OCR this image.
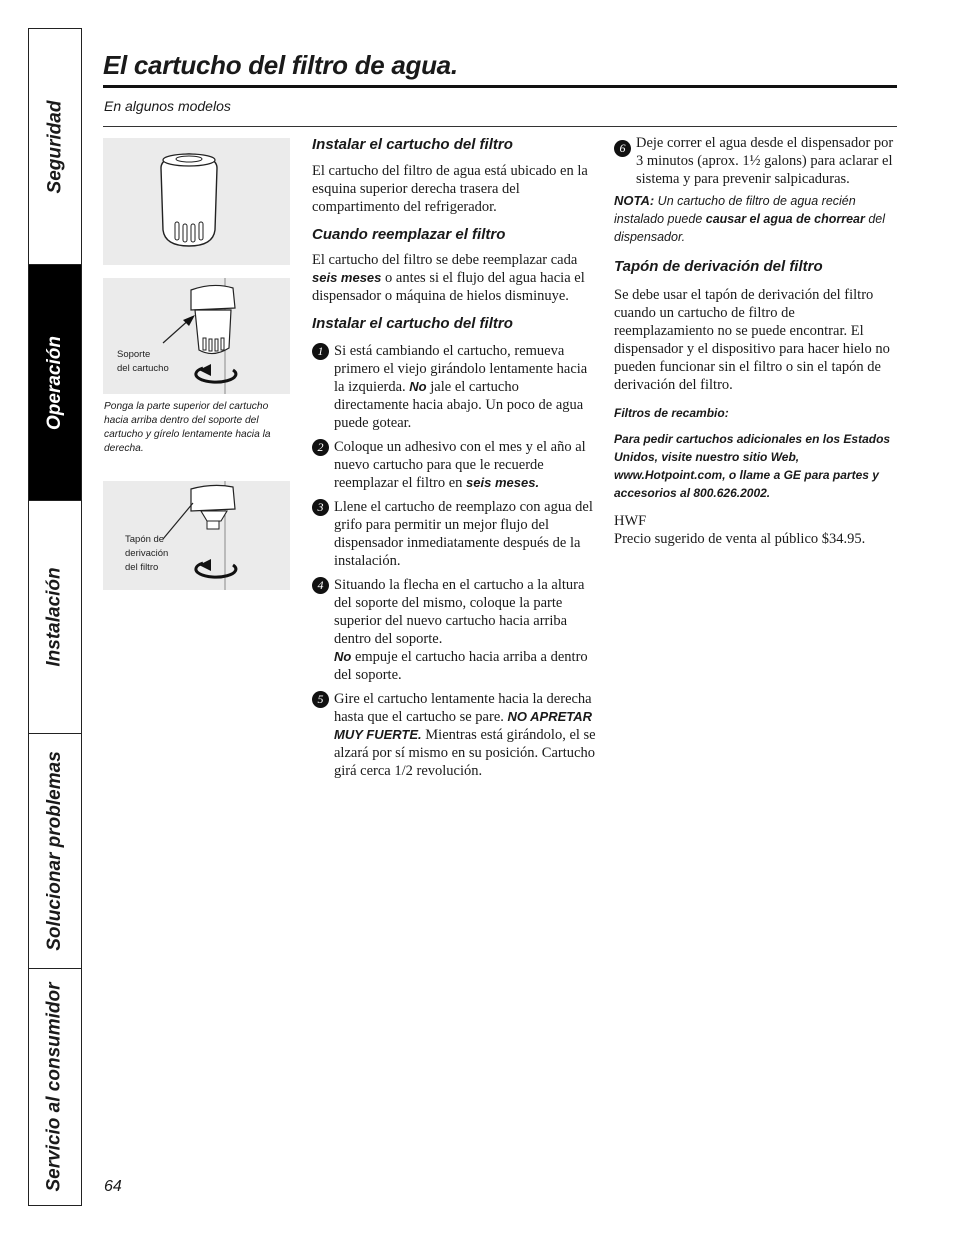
Seguridad
Operación
Instalación
Solucionar problemas
Servicio al consumidor
El cartucho del filtro de agua.
En algunos modelos
Soporte
del cartucho
Ponga la parte superior del cartucho hacia arriba dentro del soporte del cartucho y gírelo lentamente hacia la derecha.
Tapón de
derivación
del filtro
Instalar el cartucho del filtro

El cartucho del filtro de agua está ubicado en la esquina superior derecha trasera del compartimento del refrigerador.

Cuando reemplazar el filtro

El cartucho del filtro se debe reemplazar cada seis meses o antes si el flujo del agua hacia el dispensador o máquina de hielos disminuye.

Instalar el cartucho del filtro

1 Si está cambiando el cartucho, remueva primero el viejo girándolo lentamente hacia la izquierda. No jale el cartucho directamente hacia abajo. Un poco de agua puede gotear.

2 Coloque un adhesivo con el mes y el año al nuevo cartucho para que le recuerde reemplazar el filtro en seis meses.

3 Llene el cartucho de reemplazo con agua del grifo para permitir un mejor flujo del dispensador inmediatamente después de la instalación.

4 Situando la flecha en el cartucho a la altura del soporte del mismo, coloque la parte superior del nuevo cartucho hacia arriba dentro del soporte.
No empuje el cartucho hacia arriba a dentro del soporte.

5 Gire el cartucho lentamente hacia la derecha hasta que el cartucho se pare. NO APRETAR MUY FUERTE. Mientras está girándolo, el se alzará por sí mismo en su posición. Cartucho girá cerca 1/2 revolución.

6 Deje correr el agua desde el dispensador por 3 minutos (aprox. 1½ galons) para aclarar el sistema y para prevenir salpicaduras.

NOTA: Un cartucho de filtro de agua recién instalado puede causar el agua de chorrear del dispensador.

Tapón de derivación del filtro

Se debe usar el tapón de derivación del filtro cuando un cartucho de filtro de reemplazamiento no se puede encontrar. El dispensador y el dispositivo para hacer hielo no pueden funcionar sin el filtro o sin el tapón de derivación del filtro.

Filtros de recambio:
Para pedir cartuchos adicionales en los Estados Unidos, visite nuestro sitio Web, www.Hotpoint.com, o llame a GE para partes y accesorios al 800.626.2002.

HWF

Precio sugerido de venta al público $34.95.

64
